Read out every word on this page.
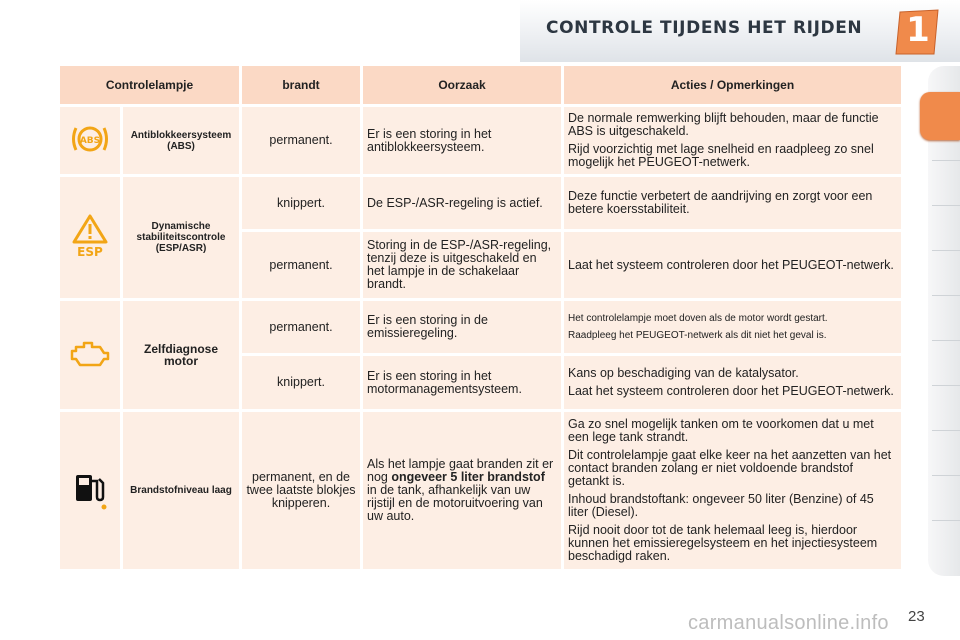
CONTROLE TIJDENS HET RIJDEN 1
Controlelampje		brandt	Oorzaak	Acties / Opmerkingen

ABS	Antiblokkeersysteem (ABS)	permanent.	Er is een storing in het antiblokkeersysteem.	De normale remwerking blijft behouden, maar de functie ABS is uitgeschakeld.

Rijd voorzichtig met lage snelheid en raadpleeg zo snel mogelijk het PEUGEOT-netwerk.

ESP	Dynamische stabiliteitscontrole (ESP/ASR)	knippert.	De ESP-/ASR-regeling is actief.	Deze functie verbetert de aandrijving en zorgt voor een betere koersstabiliteit.
		permanent.	Storing in de ESP-/ASR-regeling, tenzij deze is uitgeschakeld en het lampje in de schakelaar brandt.	Laat het systeem controleren door het PEUGEOT-netwerk.
	Zelfdiagnose motor	permanent.	Er is een storing in de emissieregeling.	Het controlelampje moet doven als de motor wordt gestart.

Raadpleeg het PEUGEOT-netwerk als dit niet het geval is.

		knippert.	Er is een storing in het motormanagementsysteem.	Kans op beschadiging van de katalysator.

Laat het systeem controleren door het PEUGEOT-netwerk.

	Brandstofniveau laag	permanent, en de twee laatste blokjes knipperen.	Als het lampje gaat branden zit er nog ongeveer 5 liter brandstof in de tank, afhankelijk van uw rijstijl en de motoruitvoering van uw auto.	Ga zo snel mogelijk tanken om te voorkomen dat u met een lege tank strandt.

Dit controlelampje gaat elke keer na het aanzetten van het contact branden zolang er niet voldoende brandstof getankt is.

Inhoud brandstoftank: ongeveer 50 liter (Benzine) of 45 liter (Diesel).

Rijd nooit door tot de tank helemaal leeg is, hierdoor kunnen het emissieregelsysteem en het injectiesysteem beschadigd raken.

carmanualsonline.info 23
